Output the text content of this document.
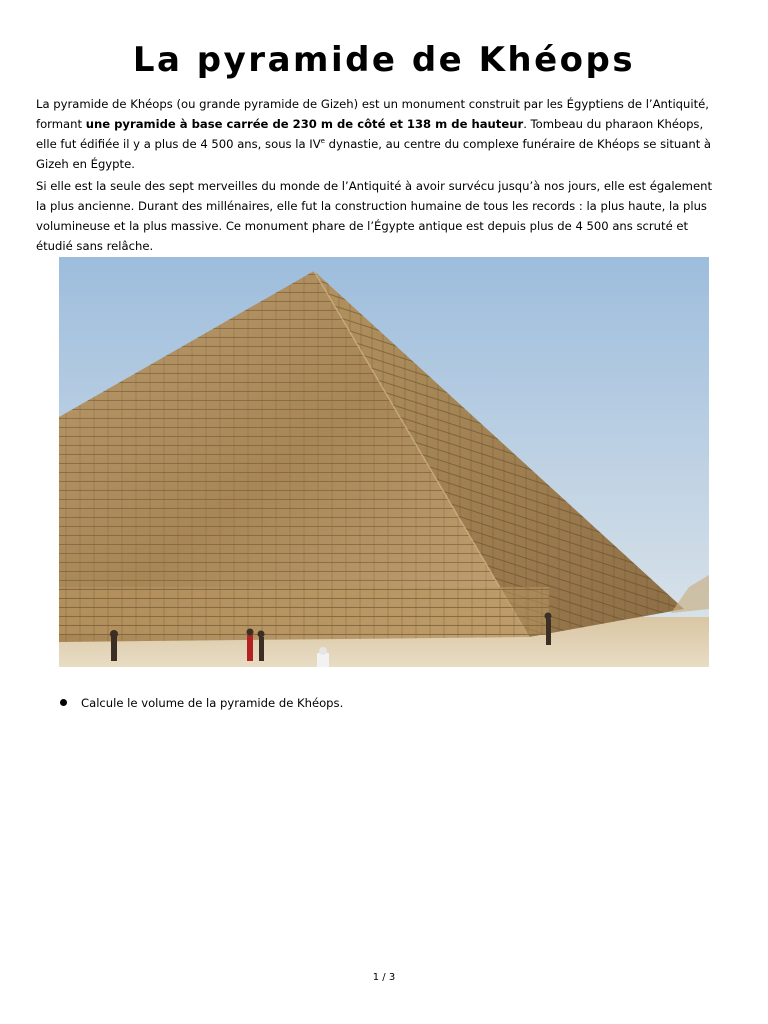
La pyramide de Khéops

La pyramide de Khéops (ou grande pyramide de Gizeh) est un monument construit par les Égyptiens de l’Antiquité, formant une pyramide à base carrée de 230 m de côté et 138 m de hauteur. Tombeau du pharaon Khéops, elle fut édifiée il y a plus de 4 500 ans, sous la IVe dynastie, au centre du complexe funéraire de Khéops se situant à Gizeh en Égypte.

Si elle est la seule des sept merveilles du monde de l’Antiquité à avoir survécu jusqu’à nos jours, elle est également la plus ancienne. Durant des millénaires, elle fut la construction humaine de tous les records : la plus haute, la plus volumineuse et la plus massive. Ce monument phare de l’Égypte antique est depuis plus de 4 500 ans scruté et étudié sans relâche.

Calcule le volume de la pyramide de Khéops.
1 / 3
